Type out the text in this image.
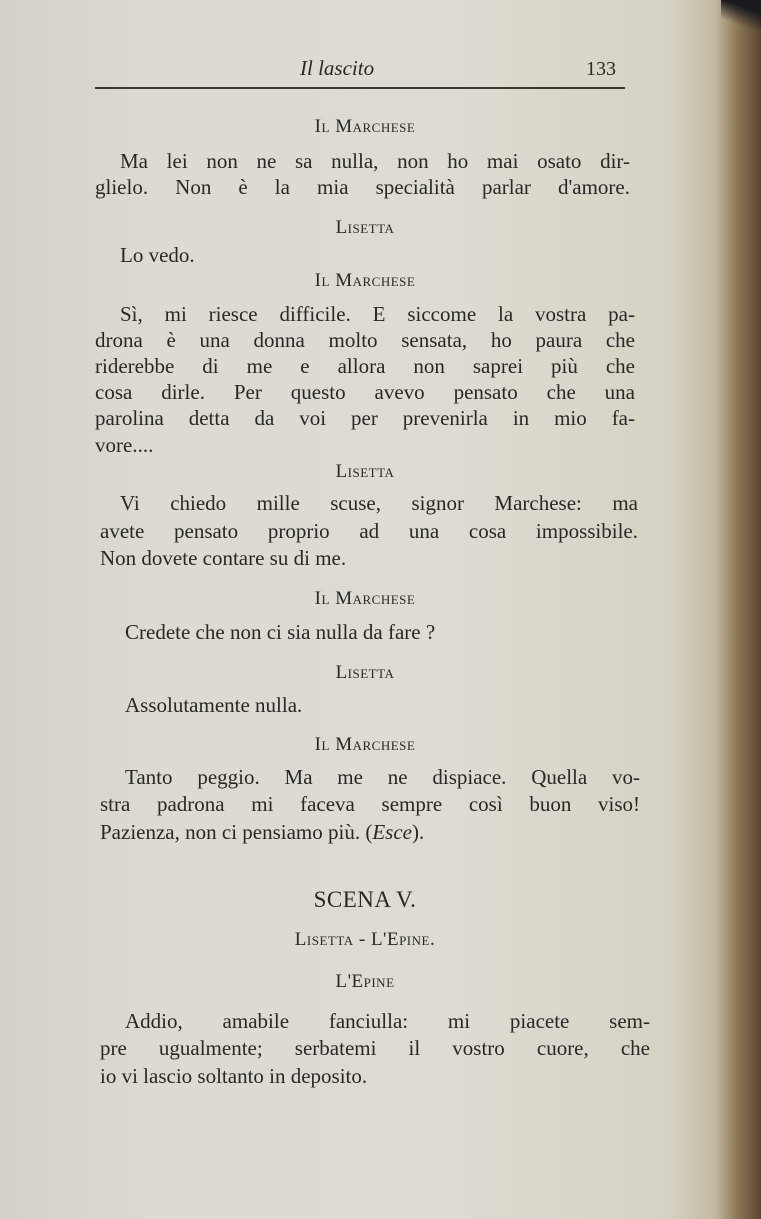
Il lascito	133
Il Marchese
Ma lei non ne sa nulla, non ho mai osato dir-
glielo. Non è la mia specialità parlar d'amore.
Lisetta
Lo vedo.
Il Marchese
Sì, mi riesce difficile. E siccome la vostra pa-
drona è una donna molto sensata, ho paura che
riderebbe di me e allora non saprei più che
cosa dirle. Per questo avevo pensato che una
parolina detta da voi per prevenirla in mio fa-
vore....
Lisetta
Vi chiedo mille scuse, signor Marchese: ma
avete pensato proprio ad una cosa impossibile.
Non dovete contare su di me.
Il Marchese
Credete che non ci sia nulla da fare ?
Lisetta
Assolutamente nulla.
Il Marchese
Tanto peggio. Ma me ne dispiace. Quella vo-
stra padrona mi faceva sempre così buon viso!
Pazienza, non ci pensiamo più. (Esce).
SCENA V.
Lisetta - L'Epine.
L'Epine
Addio, amabile fanciulla: mi piacete sem-
pre ugualmente; serbatemi il vostro cuore, che
io vi lascio soltanto in deposito.
